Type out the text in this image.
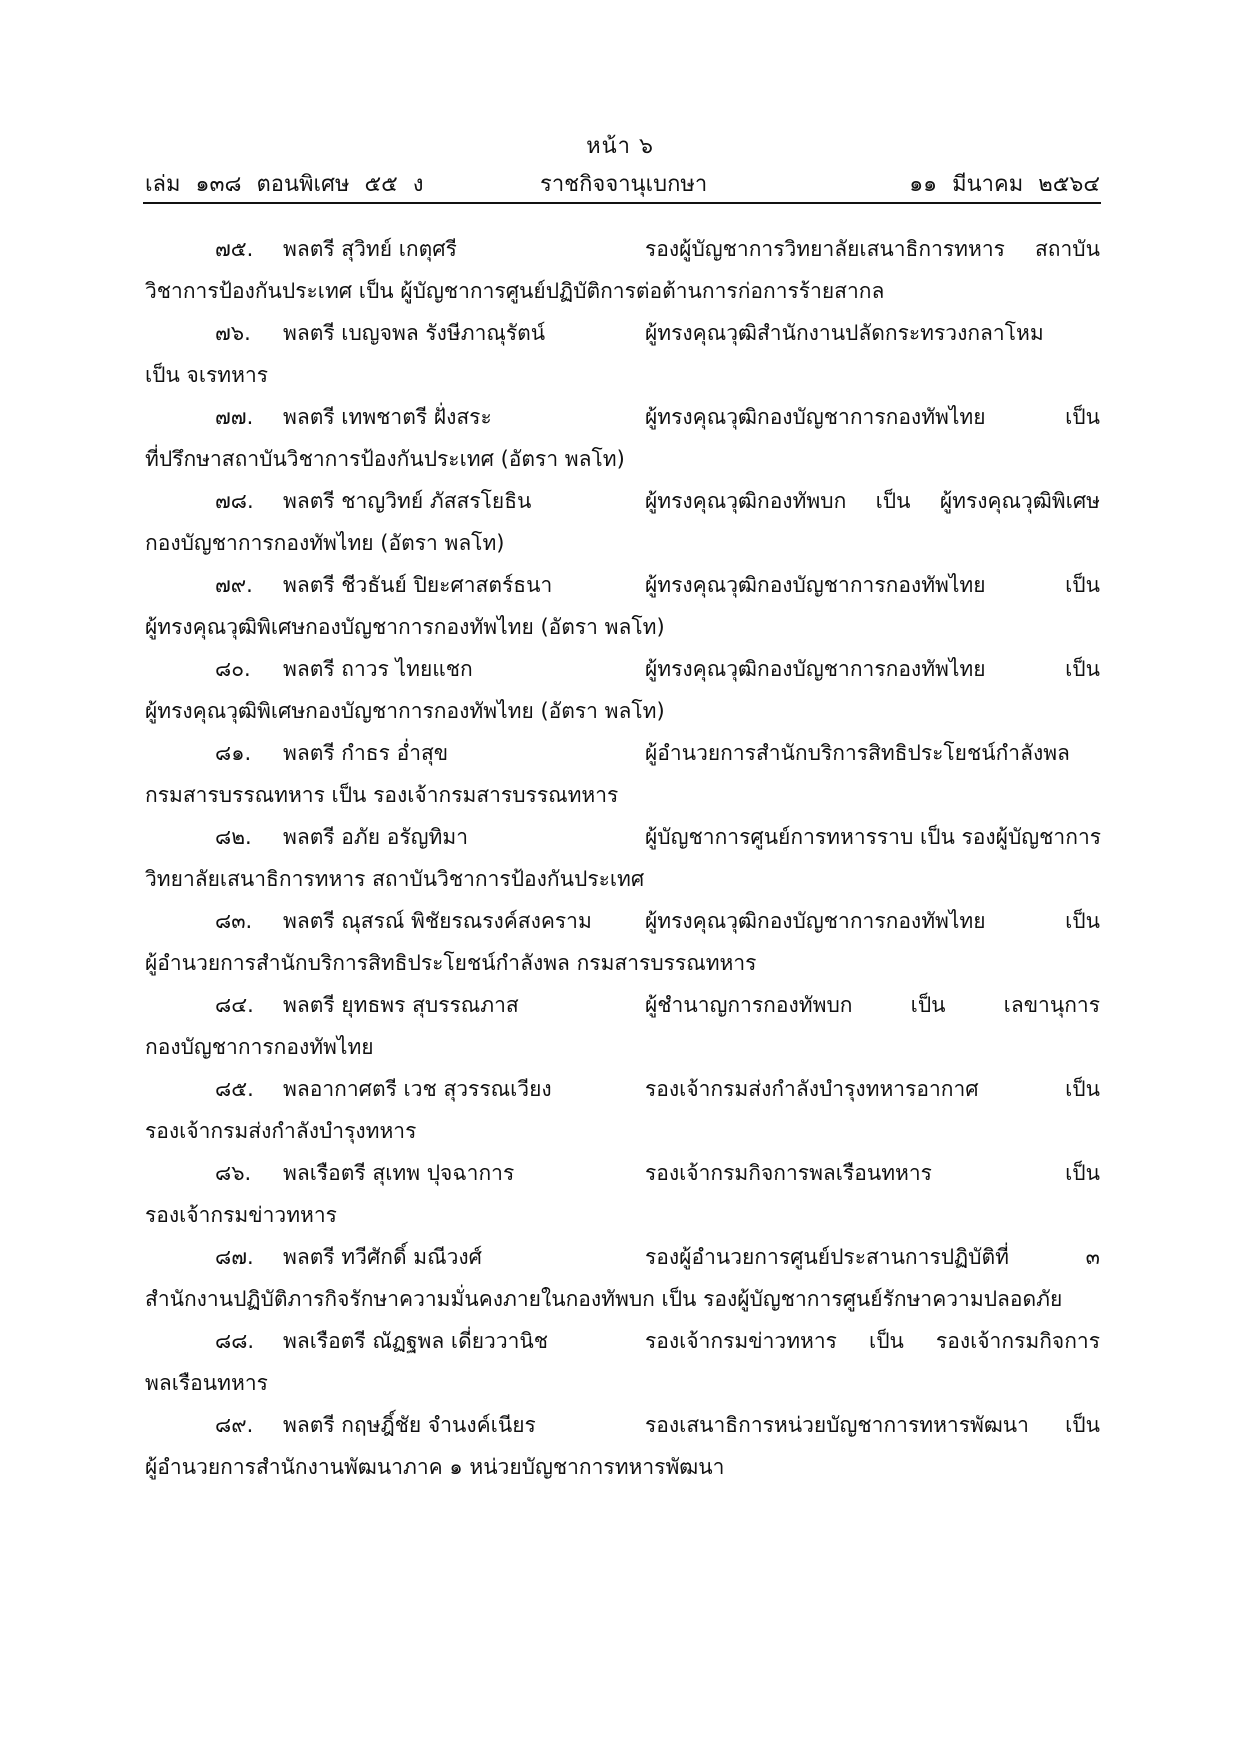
หน้า ๖
เล่ม ๑๓๘ ตอนพิเศษ ๕๕ ง	ราชกิจจานุเบกษา	๑๑ มีนาคม ๒๕๖๔
๗๕. พลตรี สุวิทย์ เกตุศรี	รองผู้บัญชาการวิทยาลัยเสนาธิการทหาร สถาบัน
วิชาการป้องกันประเทศ เป็น ผู้บัญชาการศูนย์ปฏิบัติการต่อต้านการก่อการร้ายสากล
๗๖. พลตรี เบญจพล รังษีภาณุรัตน์	ผู้ทรงคุณวุฒิสำนักงานปลัดกระทรวงกลาโหม
เป็น จเรทหาร
๗๗. พลตรี เทพชาตรี ฝั่งสระ	ผู้ทรงคุณวุฒิกองบัญชาการกองทัพไทย เป็น
ที่ปรึกษาสถาบันวิชาการป้องกันประเทศ (อัตรา พลโท)
๗๘. พลตรี ชาญวิทย์ ภัสสรโยธิน	ผู้ทรงคุณวุฒิกองทัพบก เป็น ผู้ทรงคุณวุฒิพิเศษ
กองบัญชาการกองทัพไทย (อัตรา พลโท)
๗๙. พลตรี ชีวธันย์ ปิยะศาสตร์ธนา	ผู้ทรงคุณวุฒิกองบัญชาการกองทัพไทย เป็น
ผู้ทรงคุณวุฒิพิเศษกองบัญชาการกองทัพไทย (อัตรา พลโท)
๘๐. พลตรี ถาวร ไทยแชก	ผู้ทรงคุณวุฒิกองบัญชาการกองทัพไทย เป็น
ผู้ทรงคุณวุฒิพิเศษกองบัญชาการกองทัพไทย (อัตรา พลโท)
๘๑. พลตรี กำธร อ่ำสุข	ผู้อำนวยการสำนักบริการสิทธิประโยชน์กำลังพล
กรมสารบรรณทหาร เป็น รองเจ้ากรมสารบรรณทหาร
๘๒. พลตรี อภัย อรัญทิมา	ผู้บัญชาการศูนย์การทหารราบ เป็น รองผู้บัญชาการ
วิทยาลัยเสนาธิการทหาร สถาบันวิชาการป้องกันประเทศ
๘๓. พลตรี ณุสรณ์ พิชัยรณรงค์สงคราม	ผู้ทรงคุณวุฒิกองบัญชาการกองทัพไทย เป็น
ผู้อำนวยการสำนักบริการสิทธิประโยชน์กำลังพล กรมสารบรรณทหาร
๘๔. พลตรี ยุทธพร สุบรรณภาส	ผู้ชำนาญการกองทัพบก เป็น เลขานุการ
กองบัญชาการกองทัพไทย
๘๕. พลอากาศตรี เวช สุวรรณเวียง	รองเจ้ากรมส่งกำลังบำรุงทหารอากาศ เป็น
รองเจ้ากรมส่งกำลังบำรุงทหาร
๘๖. พลเรือตรี สุเทพ ปุจฉาการ	รองเจ้ากรมกิจการพลเรือนทหาร เป็น
รองเจ้ากรมข่าวทหาร
๘๗. พลตรี ทวีศักดิ์ มณีวงศ์	รองผู้อำนวยการศูนย์ประสานการปฏิบัติที่ ๓
สำนักงานปฏิบัติภารกิจรักษาความมั่นคงภายในกองทัพบก เป็น รองผู้บัญชาการศูนย์รักษาความปลอดภัย
๘๘. พลเรือตรี ณัฏฐพล เดี่ยววานิช	รองเจ้ากรมข่าวทหาร เป็น รองเจ้ากรมกิจการ
พลเรือนทหาร
๘๙. พลตรี กฤษฎิ์ชัย จำนงค์เนียร	รองเสนาธิการหน่วยบัญชาการทหารพัฒนา เป็น
ผู้อำนวยการสำนักงานพัฒนาภาค ๑ หน่วยบัญชาการทหารพัฒนา
